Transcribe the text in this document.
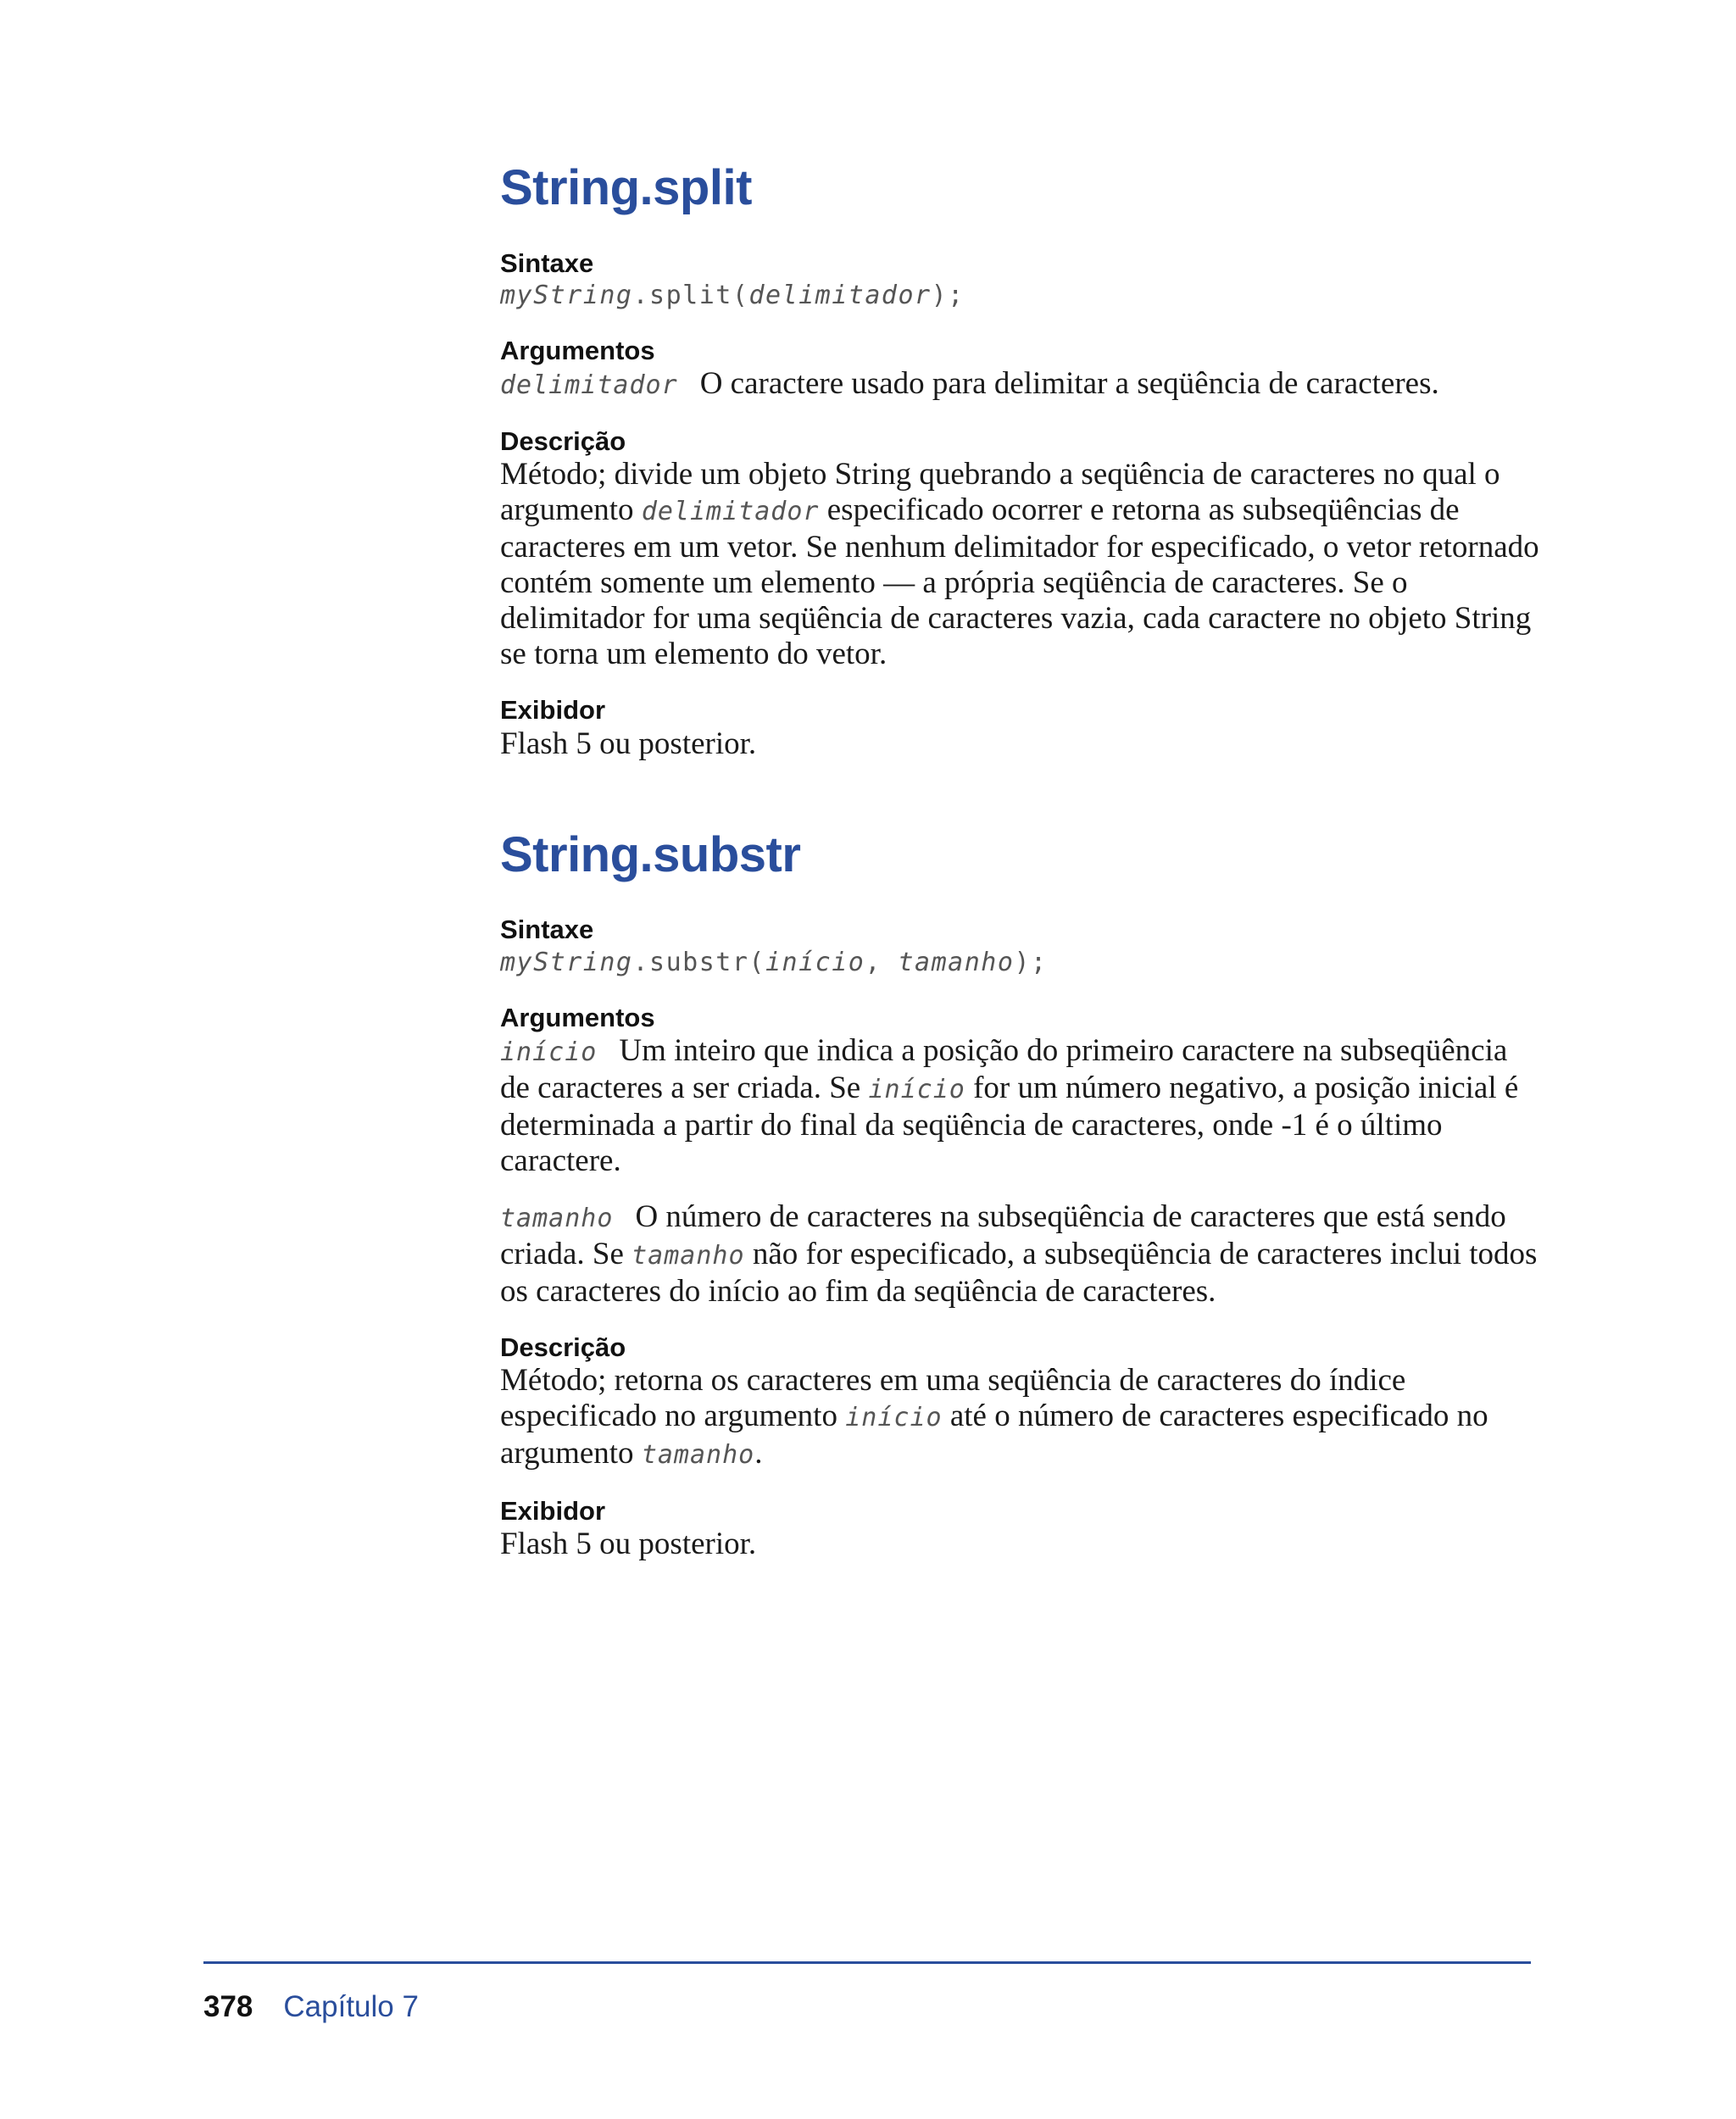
String.split

Sintaxe

myString.split(delimitador);

Argumentos

delimitador O caractere usado para delimitar a seqüência de caracteres.

Descrição

Método; divide um objeto String quebrando a seqüência de caracteres no qual o argumento delimitador especificado ocorrer e retorna as subseqüências de caracteres em um vetor. Se nenhum delimitador for especificado, o vetor retornado contém somente um elemento — a própria seqüência de caracteres. Se o delimitador for uma seqüência de caracteres vazia, cada caractere no objeto String se torna um elemento do vetor.

Exibidor

Flash 5 ou posterior.

String.substr

Sintaxe

myString.substr(início, tamanho);

Argumentos

início Um inteiro que indica a posição do primeiro caractere na subseqüência de caracteres a ser criada. Se início for um número negativo, a posição inicial é determinada a partir do final da seqüência de caracteres, onde -1 é o último caractere.

tamanho O número de caracteres na subseqüência de caracteres que está sendo criada. Se tamanho não for especificado, a subseqüência de caracteres inclui todos os caracteres do início ao fim da seqüência de caracteres.

Descrição

Método; retorna os caracteres em uma seqüência de caracteres do índice especificado no argumento início até o número de caracteres especificado no argumento tamanho.

Exibidor

Flash 5 ou posterior.

378 Capítulo 7
